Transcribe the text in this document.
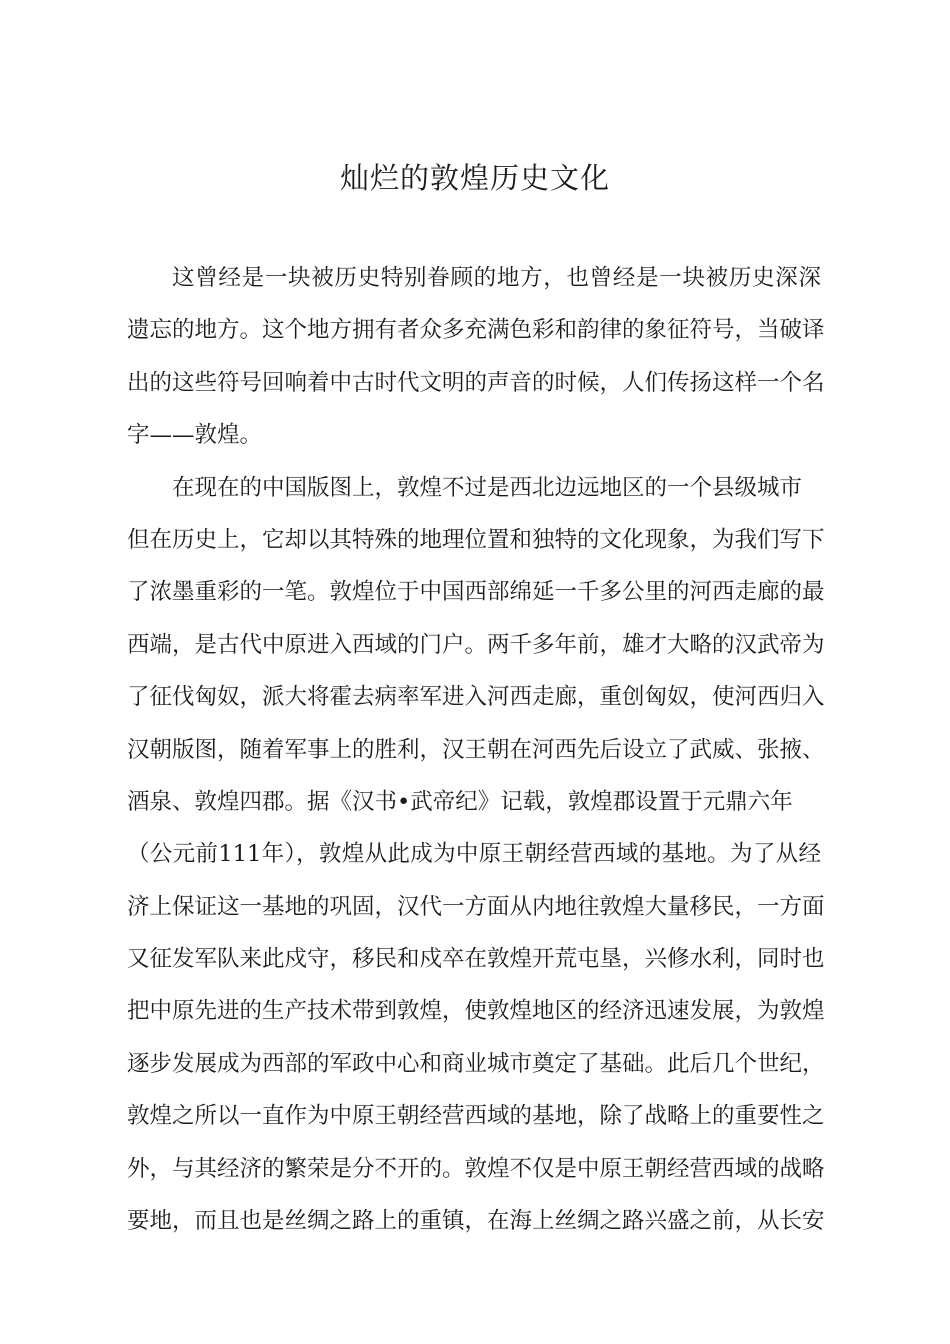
灿烂的敦煌历史文化
这曾经是一块被历史特别眷顾的地方，也曾经是一块被历史深深
遗忘的地方。这个地方拥有者众多充满色彩和韵律的象征符号，当破译
出的这些符号回响着中古时代文明的声音的时候，人们传扬这样一个名
字——敦煌。
在现在的中国版图上，敦煌不过是西北边远地区的一个县级城市
但在历史上，它却以其特殊的地理位置和独特的文化现象，为我们写下
了浓墨重彩的一笔。敦煌位于中国西部绵延一千多公里的河西走廊的最
西端，是古代中原进入西域的门户。两千多年前，雄才大略的汉武帝为
了征伐匈奴，派大将霍去病率军进入河西走廊，重创匈奴，使河西归入
汉朝版图，随着军事上的胜利，汉王朝在河西先后设立了武威、张掖、
酒泉、敦煌四郡。据《汉书•武帝纪》记载，敦煌郡设置于元鼎六年
（公元前111年），敦煌从此成为中原王朝经营西域的基地。为了从经
济上保证这一基地的巩固，汉代一方面从内地往敦煌大量移民，一方面
又征发军队来此戍守，移民和戍卒在敦煌开荒屯垦，兴修水利，同时也
把中原先进的生产技术带到敦煌，使敦煌地区的经济迅速发展，为敦煌
逐步发展成为西部的军政中心和商业城市奠定了基础。此后几个世纪，
敦煌之所以一直作为中原王朝经营西域的基地，除了战略上的重要性之
外，与其经济的繁荣是分不开的。敦煌不仅是中原王朝经营西域的战略
要地，而且也是丝绸之路上的重镇，在海上丝绸之路兴盛之前，从长安
